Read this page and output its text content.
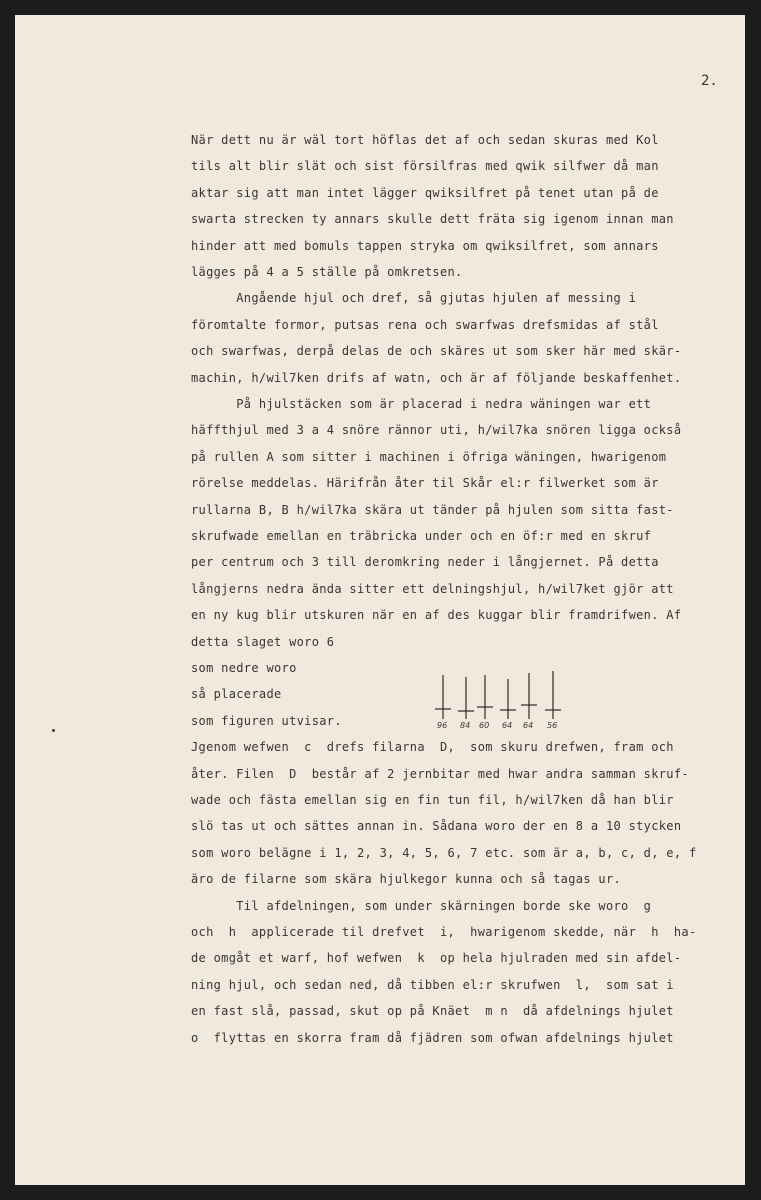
2.
När dett nu är wäl tort höflas det af och sedan skuras med Kol
tils alt blir slät och sist försilfras med qwik silfwer då man
aktar sig att man intet lägger qwiksilfret på tenet utan på de
swarta strecken ty annars skulle dett fräta sig igenom innan man
hinder att med bomuls tappen stryka om qwiksilfret, som annars
lägges på 4 a 5 ställe på omkretsen.
Angående hjul och dref, så gjutas hjulen af messing i
föromtalte formor, putsas rena och swarfwas drefsmidas af stål
och swarfwas, derpå delas de och skäres ut som sker här med skär-
machin, h/wil7ken drifs af watn, och är af följande beskaffenhet.
På hjulstäcken som är placerad i nedra wäningen war ett
häffthjul med 3 a 4 snöre rännor uti, h/wil7ka snören ligga också
på rullen A som sitter i machinen i öfriga wäningen, hwarigenom
rörelse meddelas. Härifrån åter til Skår el:r filwerket som är
rullarna B, B h/wil7ka skära ut tänder på hjulen som sitta fast-
skrufwade emellan en träbricka under och en öf:r med en skruf
per centrum och 3 till deromkring neder i långjernet. På detta
långjerns nedra ända sitter ett delningshjul, h/wil7ket gjör att
en ny kug blir utskuren när en af des kuggar blir framdrifwen. Af
detta slaget woro 6
som nedre woro
så placerade
som figuren utvisar.
Jgenom wefwen  c  drefs filarna  D,  som skuru drefwen, fram och
åter. Filen  D  består af 2 jernbitar med hwar andra samman skruf-
wade och fästa emellan sig en fin tun fil, h/wil7ken då han blir
slö tas ut och sättes annan in. Sådana woro der en 8 a 10 stycken
som woro belägne i 1, 2, 3, 4, 5, 6, 7 etc. som är a, b, c, d, e, f
äro de filarne som skära hjulkegor kunna och så tagas ur.
Til afdelningen, som under skärningen borde ske woro  g
och  h  applicerade til drefvet  i,  hwarigenom skedde, när  h  ha-
de omgåt et warf, hof wefwen  k  op hela hjulraden med sin afdel-
ning hjul, och sedan ned, då tibben el:r skrufwen  l,  som sat i
en fast slå, passad, skut op på Knäet  m n  då afdelnings hjulet
o  flyttas en skorra fram då fjädren som ofwan afdelnings hjulet
96 84 60 64 64 56
